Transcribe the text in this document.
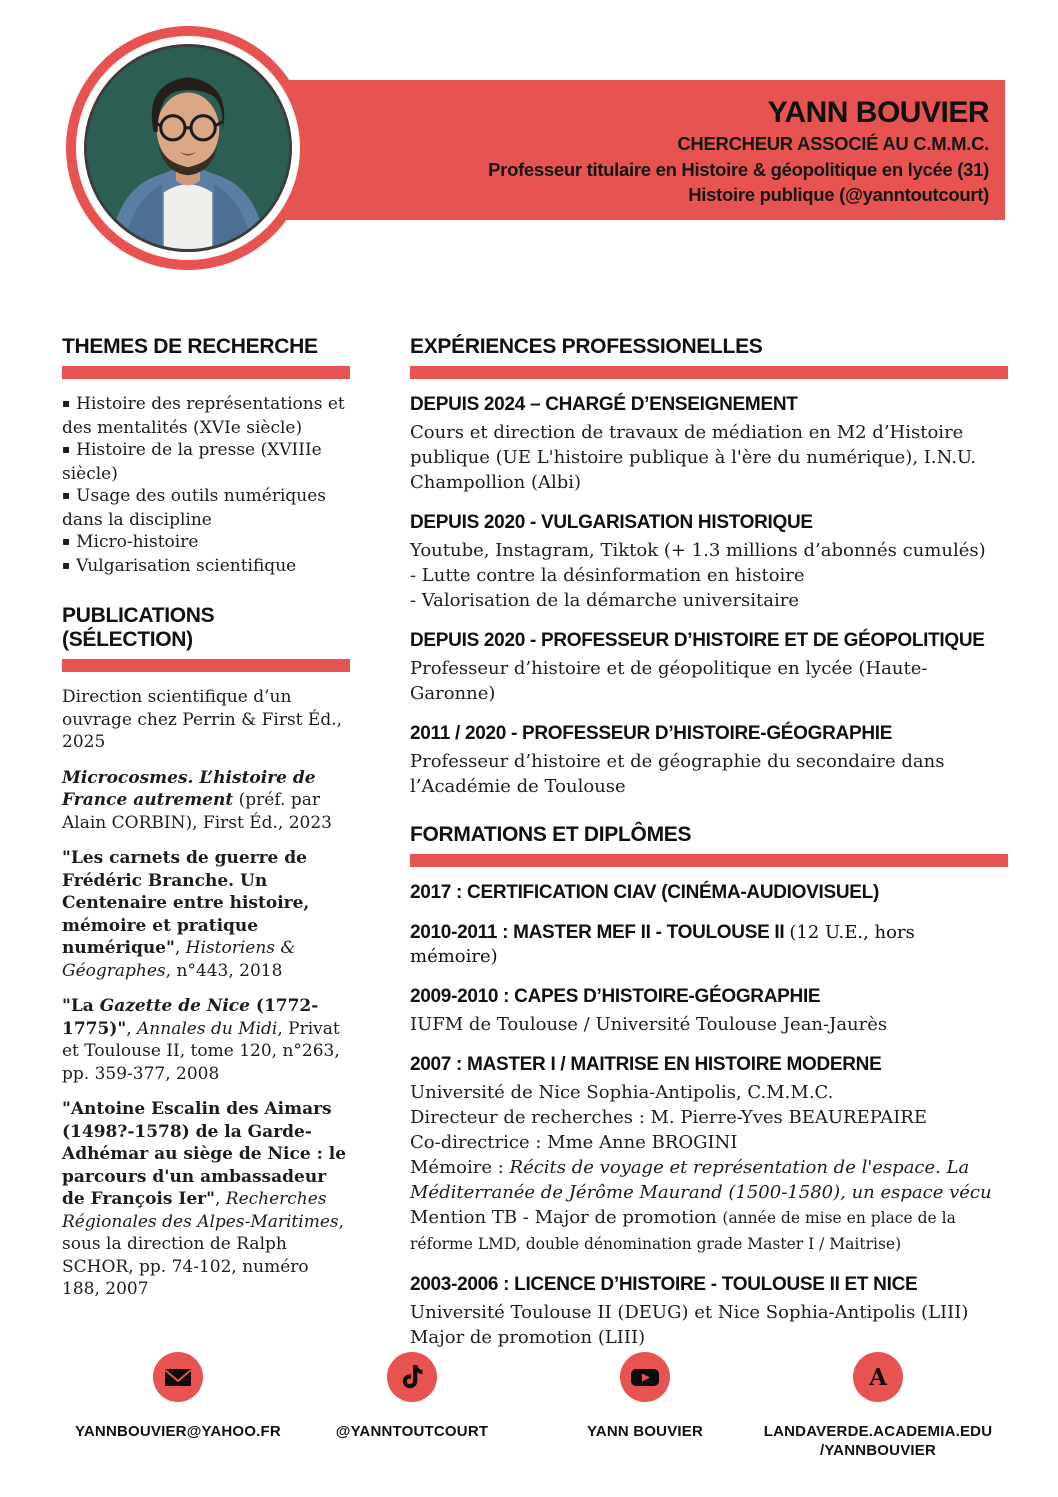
YANN BOUVIER
CHERCHEUR ASSOCIÉ AU C.M.M.C.
Professeur titulaire en Histoire & géopolitique en lycée (31)
Histoire publique (@yanntoutcourt)
THEMES DE RECHERCHE
▪ Histoire des représentations et des mentalités (XVIe siècle)
▪ Histoire de la presse (XVIIIe siècle)
▪ Usage des outils numériques dans la discipline
▪ Micro-histoire
▪ Vulgarisation scientifique
PUBLICATIONS (SÉLECTION)

Direction scientifique d’un ouvrage chez Perrin & First Éd., 2025

Microcosmes. L’histoire de France autrement (préf. par Alain CORBIN), First Éd., 2023

"Les carnets de guerre de Frédéric Branche. Un Centenaire entre histoire, mémoire et pratique numérique", Historiens & Géographes, n°443, 2018

"La Gazette de Nice (1772-1775)", Annales du Midi, Privat et Toulouse II, tome 120, n°263, pp. 359-377, 2008

"Antoine Escalin des Aimars (1498?-1578) de la Garde-Adhémar au siège de Nice : le parcours d'un ambassadeur de François Ier", Recherches Régionales des Alpes-Maritimes, sous la direction de Ralph SCHOR, pp. 74-102, numéro 188, 2007

EXPÉRIENCES PROFESSIONELLES
DEPUIS 2024 – CHARGÉ D’ENSEIGNEMENT

Cours et direction de travaux de médiation en M2 d’Histoire publique (UE L'histoire publique à l'ère du numérique), I.N.U. Champollion (Albi)

DEPUIS 2020 - VULGARISATION HISTORIQUE

Youtube, Instagram, Tiktok (+ 1.3 millions d’abonnés cumulés)

- Lutte contre la désinformation en histoire

- Valorisation de la démarche universitaire

DEPUIS 2020 - PROFESSEUR D’HISTOIRE ET DE GÉOPOLITIQUE

Professeur d’histoire et de géopolitique en lycée (Haute-Garonne)

2011 / 2020 - PROFESSEUR D’HISTOIRE-GÉOGRAPHIE

Professeur d’histoire et de géographie du secondaire dans l’Académie de Toulouse

FORMATIONS ET DIPLÔMES
2017 : CERTIFICATION CIAV (CINÉMA-AUDIOVISUEL)
2010-2011 : MASTER MEF II - TOULOUSE II (12 U.E., hors mémoire)
2009-2010 : CAPES D’HISTOIRE-GÉOGRAPHIE

IUFM de Toulouse / Université Toulouse Jean-Jaurès

2007 : MASTER I / MAITRISE EN HISTOIRE MODERNE

Université de Nice Sophia-Antipolis, C.M.M.C.

Directeur de recherches : M. Pierre-Yves BEAUREPAIRE

Co-directrice : Mme Anne BROGINI

Mémoire : Récits de voyage et représentation de l'espace. La Méditerranée de Jérôme Maurand (1500-1580), un espace vécu

Mention TB - Major de promotion (année de mise en place de la réforme LMD, double dénomination grade Master I / Maitrise)

2003-2006 : LICENCE D’HISTOIRE - TOULOUSE II ET NICE

Université Toulouse II (DEUG) et Nice Sophia-Antipolis (LIII)

Major de promotion (LIII)

YANNBOUVIER@YAHOO.FR	@YANNTOUTCOURT	YANN BOUVIER
A
LANDAVERDE.ACADEMIA.EDU
/YANNBOUVIER
